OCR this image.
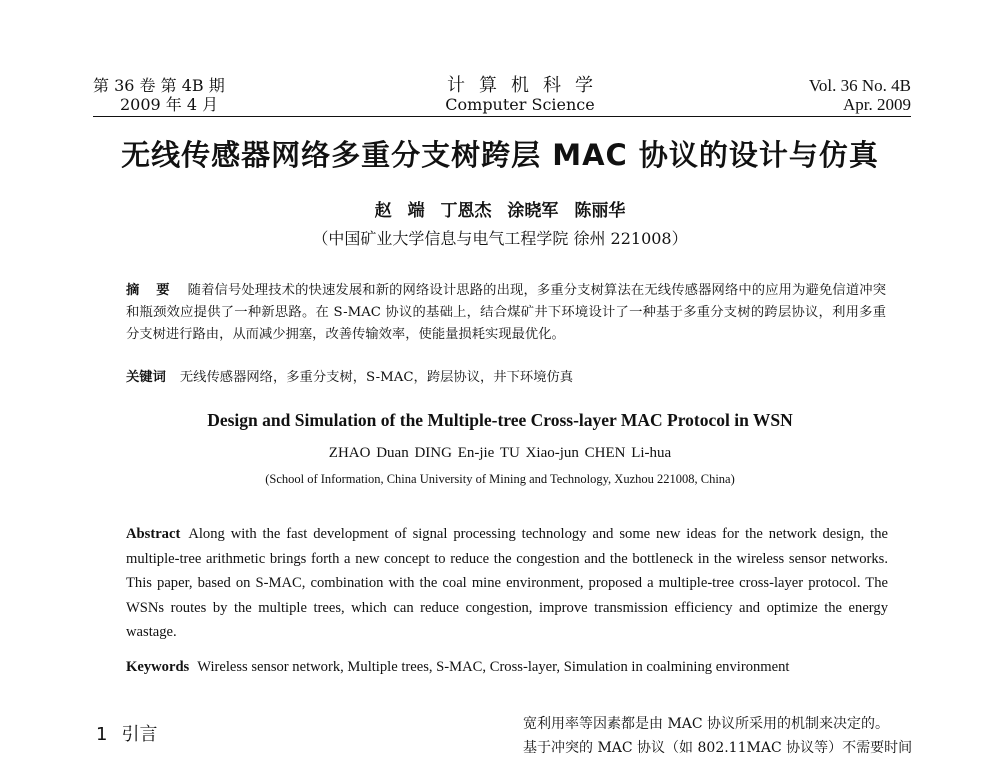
第 36 卷 第 4B 期
2009 年 4 月
计算机科学
Computer Science
Vol. 36 No. 4B
Apr. 2009
无线传感器网络多重分支树跨层 MAC 协议的设计与仿真
赵 端 丁恩杰 涂晓军 陈丽华
（中国矿业大学信息与电气工程学院 徐州 221008）
摘 要 随着信号处理技术的快速发展和新的网络设计思路的出现，多重分支树算法在无线传感器网络中的应用为避免信道冲突和瓶颈效应提供了一种新思路。在 S-MAC 协议的基础上，结合煤矿井下环境设计了一种基于多重分支树的跨层协议，利用多重分支树进行路由，从而减少拥塞，改善传输效率，使能量损耗实现最优化。
关键词 无线传感器网络，多重分支树，S-MAC，跨层协议，井下环境仿真
Design and Simulation of the Multiple-tree Cross-layer MAC Protocol in WSN
ZHAO Duan DING En-jie TU Xiao-jun CHEN Li-hua
(School of Information, China University of Mining and Technology, Xuzhou 221008, China)
Abstract Along with the fast development of signal processing technology and some new ideas for the network design, the multiple-tree arithmetic brings forth a new concept to reduce the congestion and the bottleneck in the wireless sensor networks. This paper, based on S-MAC, combination with the coal mine environment, proposed a multiple-tree cross-layer protocol. The WSNs routes by the multiple trees, which can reduce congestion, improve transmission efficiency and optimize the energy wastage.
Keywords Wireless sensor network, Multiple trees, S-MAC, Cross-layer, Simulation in coalmining environment
1 引言	宽利用率等因素都是由 MAC 协议所采用的机制来决定的。
基于冲突的 MAC 协议（如 802.11MAC 协议等）不需要时间
